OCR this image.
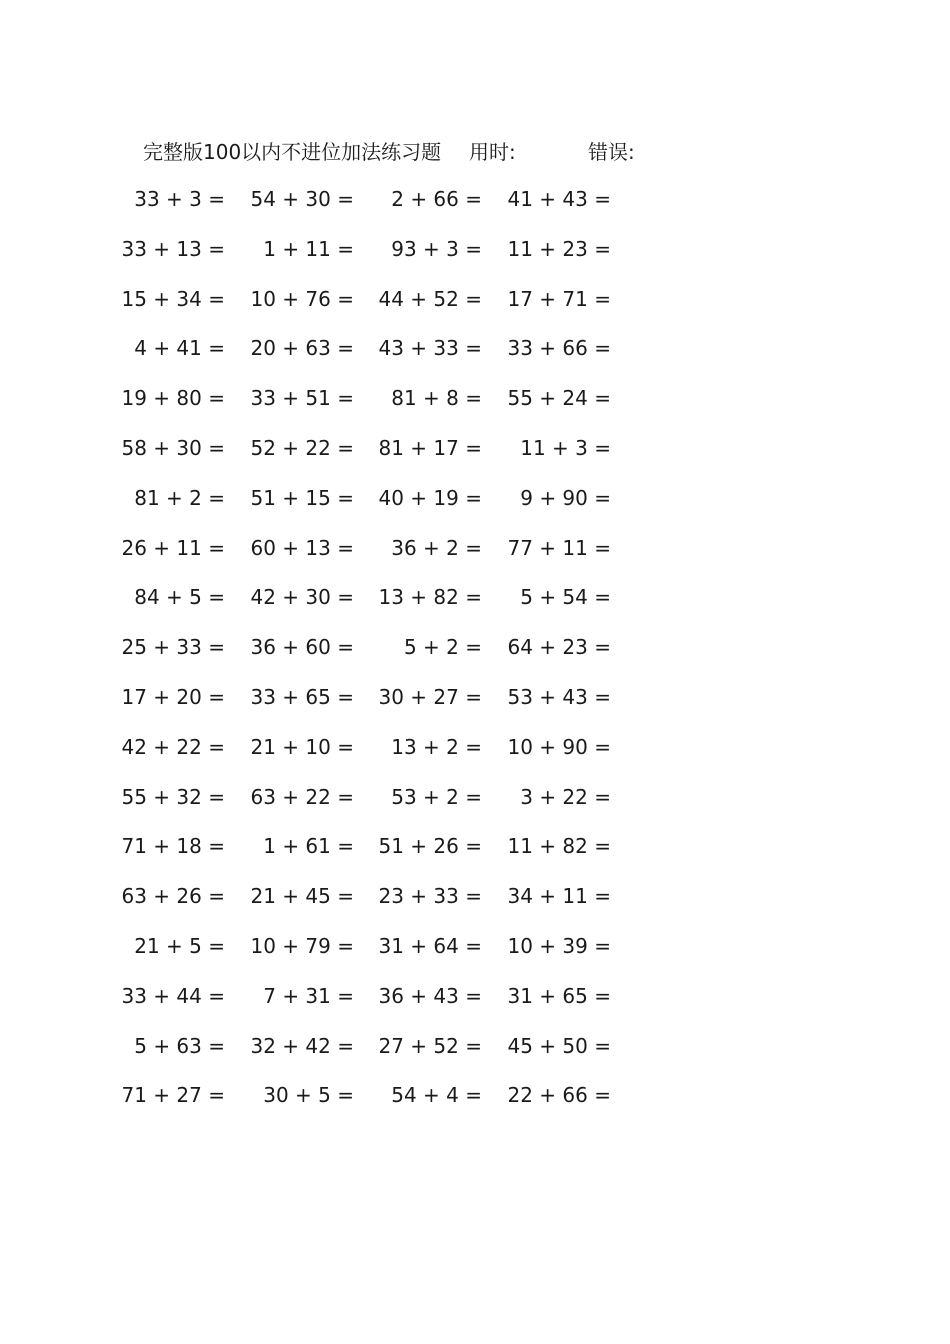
完整版100以内不进位加法练习题 用时:	错误:
33 + 3 =	54 + 30 =	2 + 66 =	41 + 43 =
33 + 13 =	1 + 11 =	93 + 3 =	11 + 23 =
15 + 34 =	10 + 76 =	44 + 52 =	17 + 71 =
4 + 41 =	20 + 63 =	43 + 33 =	33 + 66 =
19 + 80 =	33 + 51 =	81 + 8 =	55 + 24 =
58 + 30 =	52 + 22 =	81 + 17 =	11 + 3 =
81 + 2 =	51 + 15 =	40 + 19 =	9 + 90 =
26 + 11 =	60 + 13 =	36 + 2 =	77 + 11 =
84 + 5 =	42 + 30 =	13 + 82 =	5 + 54 =
25 + 33 =	36 + 60 =	5 + 2 =	64 + 23 =
17 + 20 =	33 + 65 =	30 + 27 =	53 + 43 =
42 + 22 =	21 + 10 =	13 + 2 =	10 + 90 =
55 + 32 =	63 + 22 =	53 + 2 =	3 + 22 =
71 + 18 =	1 + 61 =	51 + 26 =	11 + 82 =
63 + 26 =	21 + 45 =	23 + 33 =	34 + 11 =
21 + 5 =	10 + 79 =	31 + 64 =	10 + 39 =
33 + 44 =	7 + 31 =	36 + 43 =	31 + 65 =
5 + 63 =	32 + 42 =	27 + 52 =	45 + 50 =
71 + 27 =	30 + 5 =	54 + 4 =	22 + 66 =
